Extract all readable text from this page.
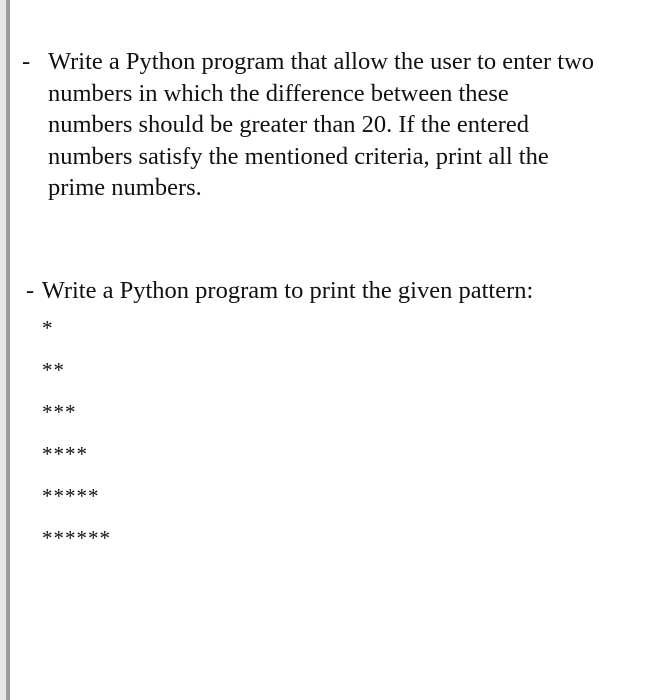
- Write a Python program that allow the user to enter two
numbers in which the difference between these
numbers should be greater than 20. If the entered
numbers satisfy the mentioned criteria, print all the
prime numbers.
- Write a Python program to print the given pattern:
*
**
***
****
*****
******
